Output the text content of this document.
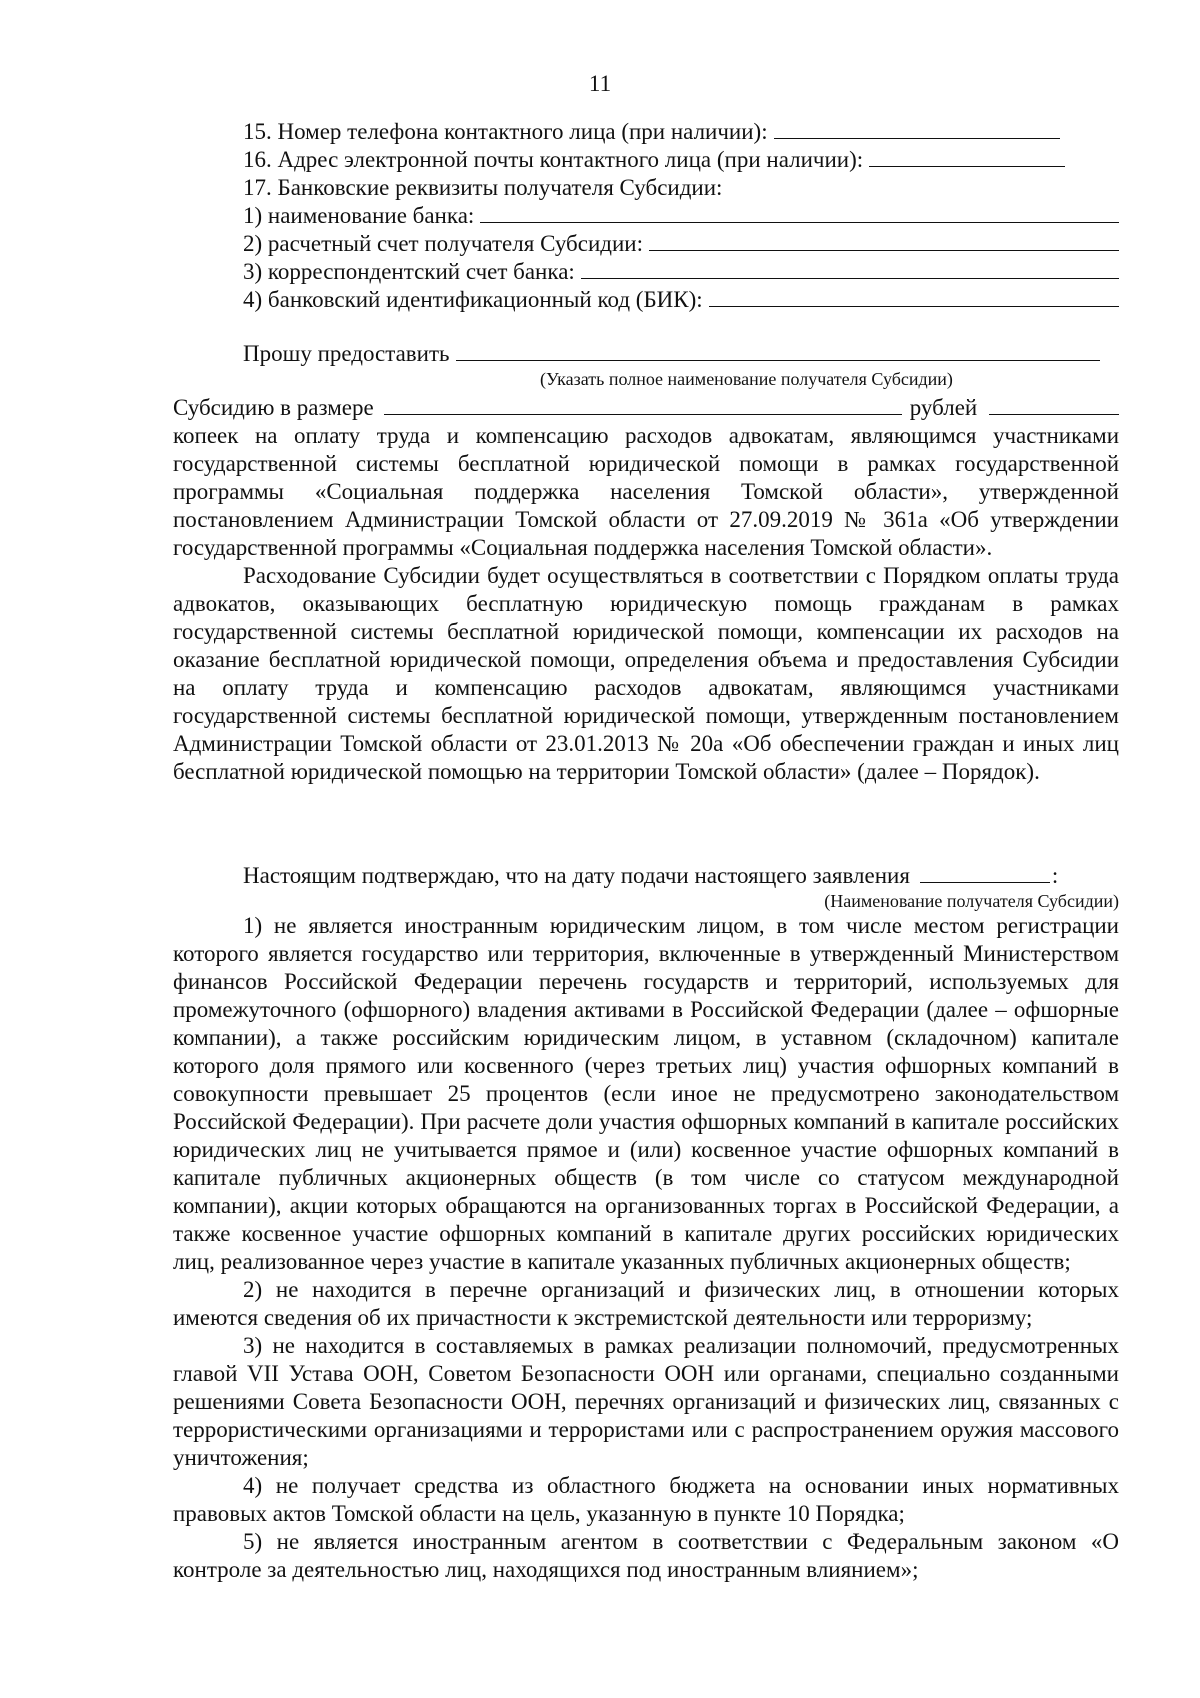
11
15. Номер телефона контактного лица (при наличии):
16. Адрес электронной почты контактного лица (при наличии):
17. Банковские реквизиты получателя Субсидии:
1) наименование банка:
2) расчетный счет получателя Субсидии:
3) корреспондентский счет банка:
4) банковский идентификационный код (БИК):
Прошу предоставить
(Указать полное наименование получателя Субсидии)
Субсидию в размере	рублей

копеек на оплату труда и компенсацию расходов адвокатам, являющимся участниками государственной системы бесплатной юридической помощи в рамках государственной программы «Социальная поддержка населения Томской области», утвержденной постановлением Администрации Томской области от 27.09.2019 № 361а «Об утверждении государственной программы «Социальная поддержка населения Томской области».

Расходование Субсидии будет осуществляться в соответствии с Порядком оплаты труда адвокатов, оказывающих бесплатную юридическую помощь гражданам в рамках государственной системы бесплатной юридической помощи, компенсации их расходов на оказание бесплатной юридической помощи, определения объема и предоставления Субсидии на оплату труда и компенсацию расходов адвокатам, являющимся участниками государственной системы бесплатной юридической помощи, утвержденным постановлением Администрации Томской области от 23.01.2013 № 20а «Об обеспечении граждан и иных лиц бесплатной юридической помощью на территории Томской области» (далее – Порядок).

Настоящим подтверждаю, что на дату подачи настоящего заявления	:
(Наименование получателя Субсидии)

1) не является иностранным юридическим лицом, в том числе местом регистрации которого является государство или территория, включенные в утвержденный Министерством финансов Российской Федерации перечень государств и территорий, используемых для промежуточного (офшорного) владения активами в Российской Федерации (далее – офшорные компании), а также российским юридическим лицом, в уставном (складочном) капитале которого доля прямого или косвенного (через третьих лиц) участия офшорных компаний в совокупности превышает 25 процентов (если иное не предусмотрено законодательством Российской Федерации). При расчете доли участия офшорных компаний в капитале российских юридических лиц не учитывается прямое и (или) косвенное участие офшорных компаний в капитале публичных акционерных обществ (в том числе со статусом международной компании), акции которых обращаются на организованных торгах в Российской Федерации, а также косвенное участие офшорных компаний в капитале других российских юридических лиц, реализованное через участие в капитале указанных публичных акционерных обществ;

2) не находится в перечне организаций и физических лиц, в отношении которых имеются сведения об их причастности к экстремистской деятельности или терроризму;

3) не находится в составляемых в рамках реализации полномочий, предусмотренных главой VII Устава ООН, Советом Безопасности ООН или органами, специально созданными решениями Совета Безопасности ООН, перечнях организаций и физических лиц, связанных с террористическими организациями и террористами или с распространением оружия массового уничтожения;

4) не получает средства из областного бюджета на основании иных нормативных правовых актов Томской области на цель, указанную в пункте 10 Порядка;

5) не является иностранным агентом в соответствии с Федеральным законом «О контроле за деятельностью лиц, находящихся под иностранным влиянием»;
